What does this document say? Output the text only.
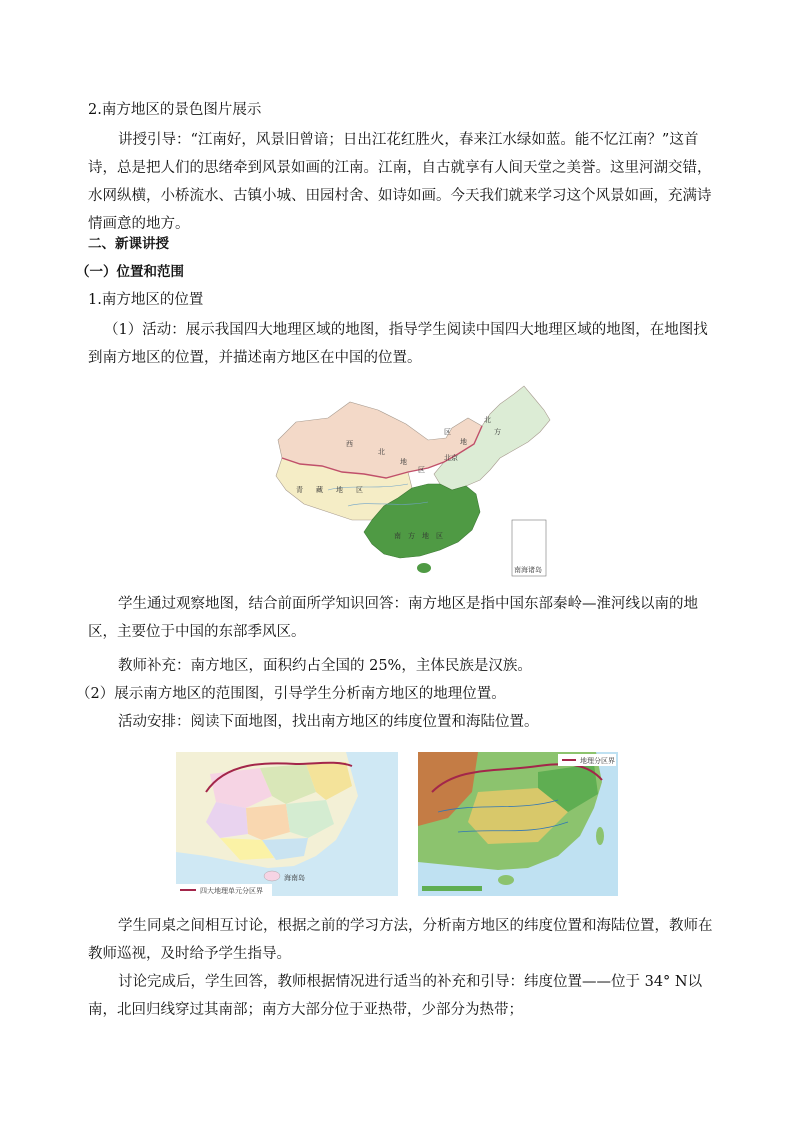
2.南方地区的景色图片展示
讲授引导：“江南好，风景旧曾谙；日出江花红胜火，春来江水绿如蓝。能不忆江南？”这首诗，总是把人们的思绪牵到风景如画的江南。江南，自古就享有人间天堂之美誉。这里河湖交错，水网纵横，小桥流水、古镇小城、田园村舍、如诗如画。今天我们就来学习这个风景如画，充满诗情画意的地方。
二、新课讲授
（一）位置和范围
1.南方地区的位置
（1）活动：展示我国四大地理区域的地图，指导学生阅读中国四大地理区域的地图，在地图找到南方地区的位置，并描述南方地区在中国的位置。
西
北
地
区
北
方
地
区
青 藏 地 区
南 方 地 区
北京
南海诸岛
学生通过观察地图，结合前面所学知识回答：南方地区是指中国东部秦岭—淮河线以南的地区，主要位于中国的东部季风区。
教师补充：南方地区，面积约占全国的 25%，主体民族是汉族。
（2）展示南方地区的范围图，引导学生分析南方地区的地理位置。
活动安排：阅读下面地图，找出南方地区的纬度位置和海陆位置。
海南岛
四大地理单元分区界
地理分区界
学生同桌之间相互讨论，根据之前的学习方法，分析南方地区的纬度位置和海陆位置，教师在教师巡视，及时给予学生指导。
讨论完成后，学生回答，教师根据情况进行适当的补充和引导：纬度位置——位于 34° N以南，北回归线穿过其南部；南方大部分位于亚热带，少部分为热带；
